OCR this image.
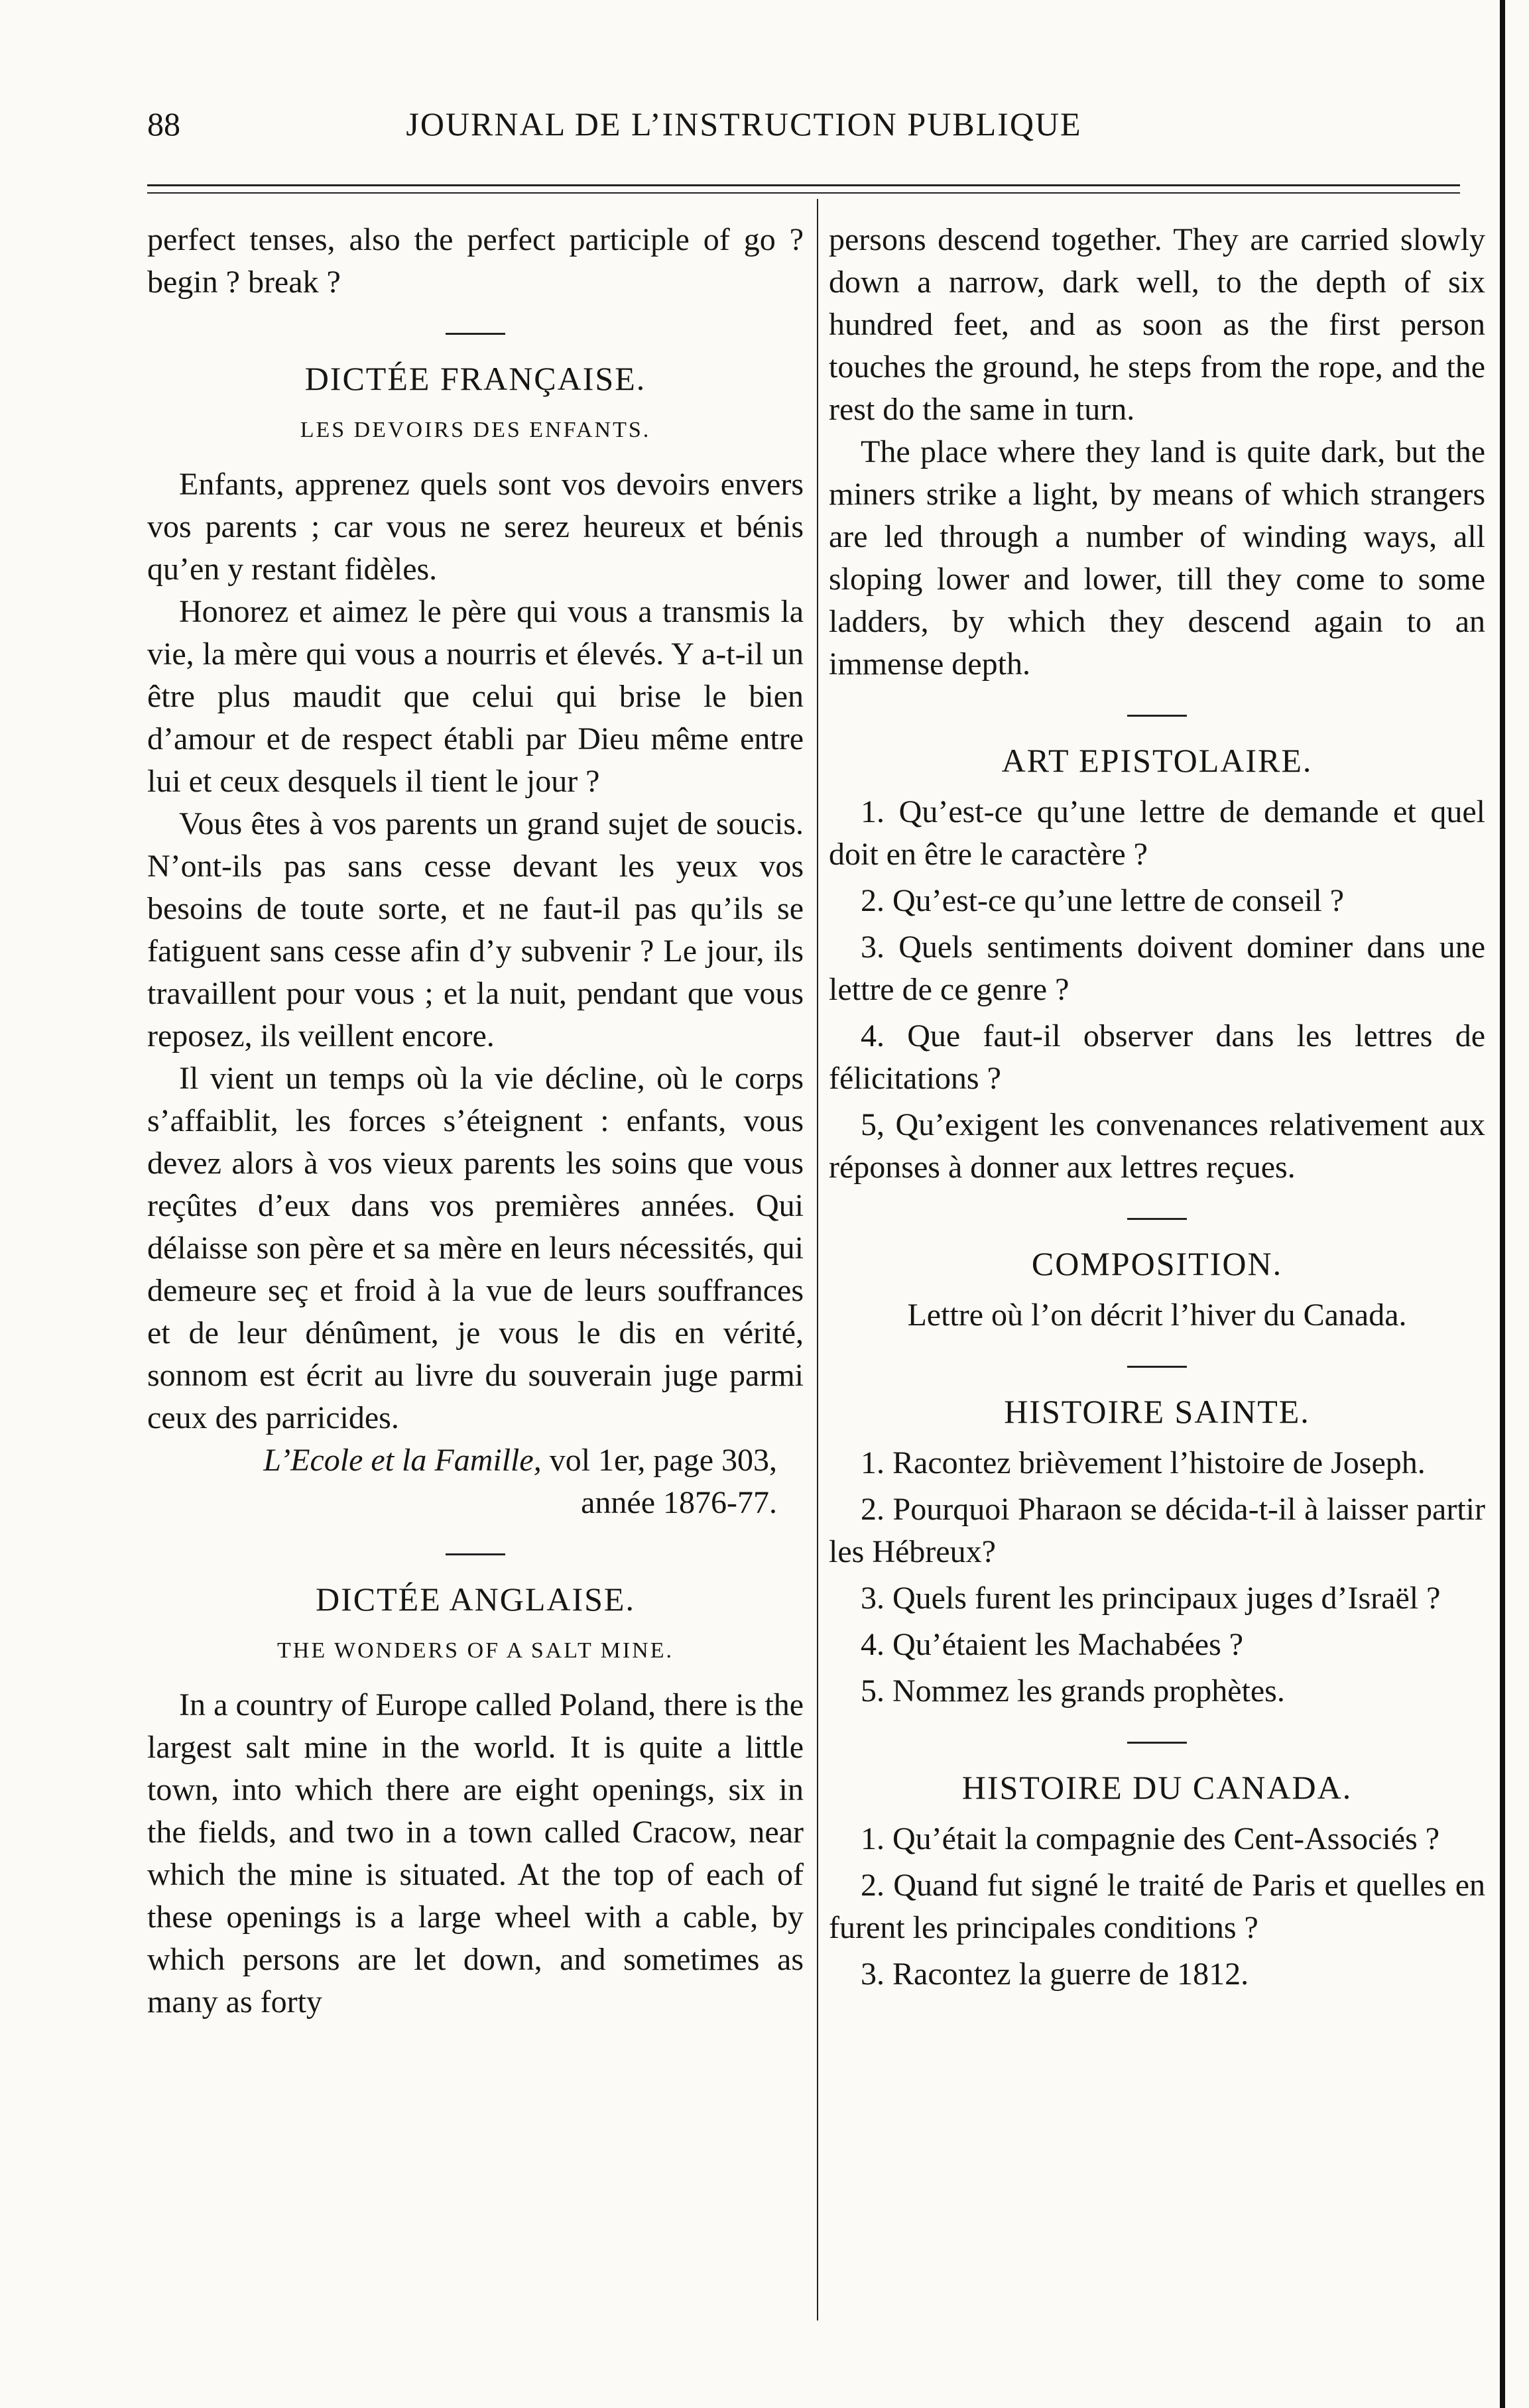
88	JOURNAL DE L’INSTRUCTION PUBLIQUE

perfect tenses, also the perfect participle of go ? begin ? break ?

DICTÉE FRANÇAISE.
LES DEVOIRS DES ENFANTS.

Enfants, apprenez quels sont vos devoirs envers vos parents ; car vous ne serez heureux et bénis qu’en y restant fidèles.

Honorez et aimez le père qui vous a transmis la vie, la mère qui vous a nourris et élevés. Y a-t-il un être plus maudit que celui qui brise le bien d’amour et de respect établi par Dieu même entre lui et ceux desquels il tient le jour ?

Vous êtes à vos parents un grand sujet de soucis. N’ont-ils pas sans cesse devant les yeux vos besoins de toute sorte, et ne faut-il pas qu’ils se fatiguent sans cesse afin d’y subvenir ? Le jour, ils travaillent pour vous ; et la nuit, pendant que vous reposez, ils veillent encore.

Il vient un temps où la vie décline, où le corps s’affaiblit, les forces s’éteignent : enfants, vous devez alors à vos vieux parents les soins que vous reçûtes d’eux dans vos premières années. Qui délaisse son père et sa mère en leurs nécessités, qui demeure seç et froid à la vue de leurs souffrances et de leur dénûment, je vous le dis en vérité, sonnom est écrit au livre du souverain juge parmi ceux des parricides.

L’Ecole et la Famille, vol 1er, page 303,
année 1876-77.

DICTÉE ANGLAISE.
THE WONDERS OF A SALT MINE.

In a country of Europe called Poland, there is the largest salt mine in the world. It is quite a little town, into which there are eight openings, six in the fields, and two in a town called Cracow, near which the mine is situated. At the top of each of these openings is a large wheel with a cable, by which persons are let down, and sometimes as many as forty

persons descend together. They are carried slowly down a narrow, dark well, to the depth of six hundred feet, and as soon as the first person touches the ground, he steps from the rope, and the rest do the same in turn.

The place where they land is quite dark, but the miners strike a light, by means of which strangers are led through a number of winding ways, all sloping lower and lower, till they come to some ladders, by which they descend again to an immense depth.

ART EPISTOLAIRE.

1. Qu’est-ce qu’une lettre de demande et quel doit en être le caractère ?

2. Qu’est-ce qu’une lettre de conseil ?

3. Quels sentiments doivent dominer dans une lettre de ce genre ?

4. Que faut-il observer dans les lettres de félicitations ?

5, Qu’exigent les convenances relativement aux réponses à donner aux lettres reçues.

COMPOSITION.

Lettre où l’on décrit l’hiver du Canada.

HISTOIRE SAINTE.

1. Racontez brièvement l’histoire de Joseph.

2. Pourquoi Pharaon se décida-t-il à laisser partir les Hébreux?

3. Quels furent les principaux juges d’Israël ?

4. Qu’étaient les Machabées ?

5. Nommez les grands prophètes.

HISTOIRE DU CANADA.

1. Qu’était la compagnie des Cent-Associés ?

2. Quand fut signé le traité de Paris et quelles en furent les principales conditions ?

3. Racontez la guerre de 1812.
